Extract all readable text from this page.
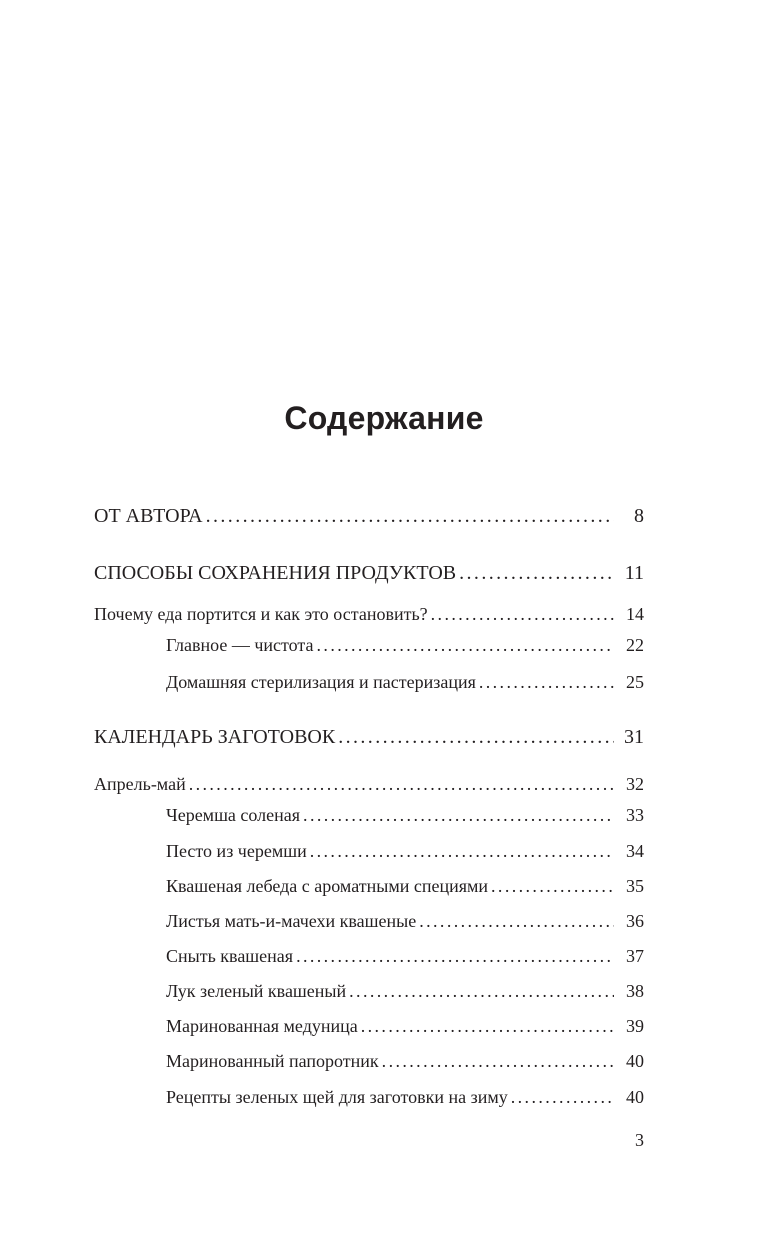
Содержание
ОТ АВТОРА .....	8
СПОСОБЫ СОХРАНЕНИЯ ПРОДУКТОВ .....	11
Почему еда портится и как это остановить? .....	14
Главное — чистота .....	22
Домашняя стерилизация и пастеризация .....	25
КАЛЕНДАРЬ ЗАГОТОВОК .....	31
Апрель-май .....	32
Черемша соленая .....	33
Песто из черемши .....	34
Квашеная лебеда с ароматными специями .....	35
Листья мать-и-мачехи квашеные .....	36
Сныть квашеная .....	37
Лук зеленый квашеный .....	38
Маринованная медуница .....	39
Маринованный папоротник .....	40
Рецепты зеленых щей для заготовки на зиму .....	40
3
